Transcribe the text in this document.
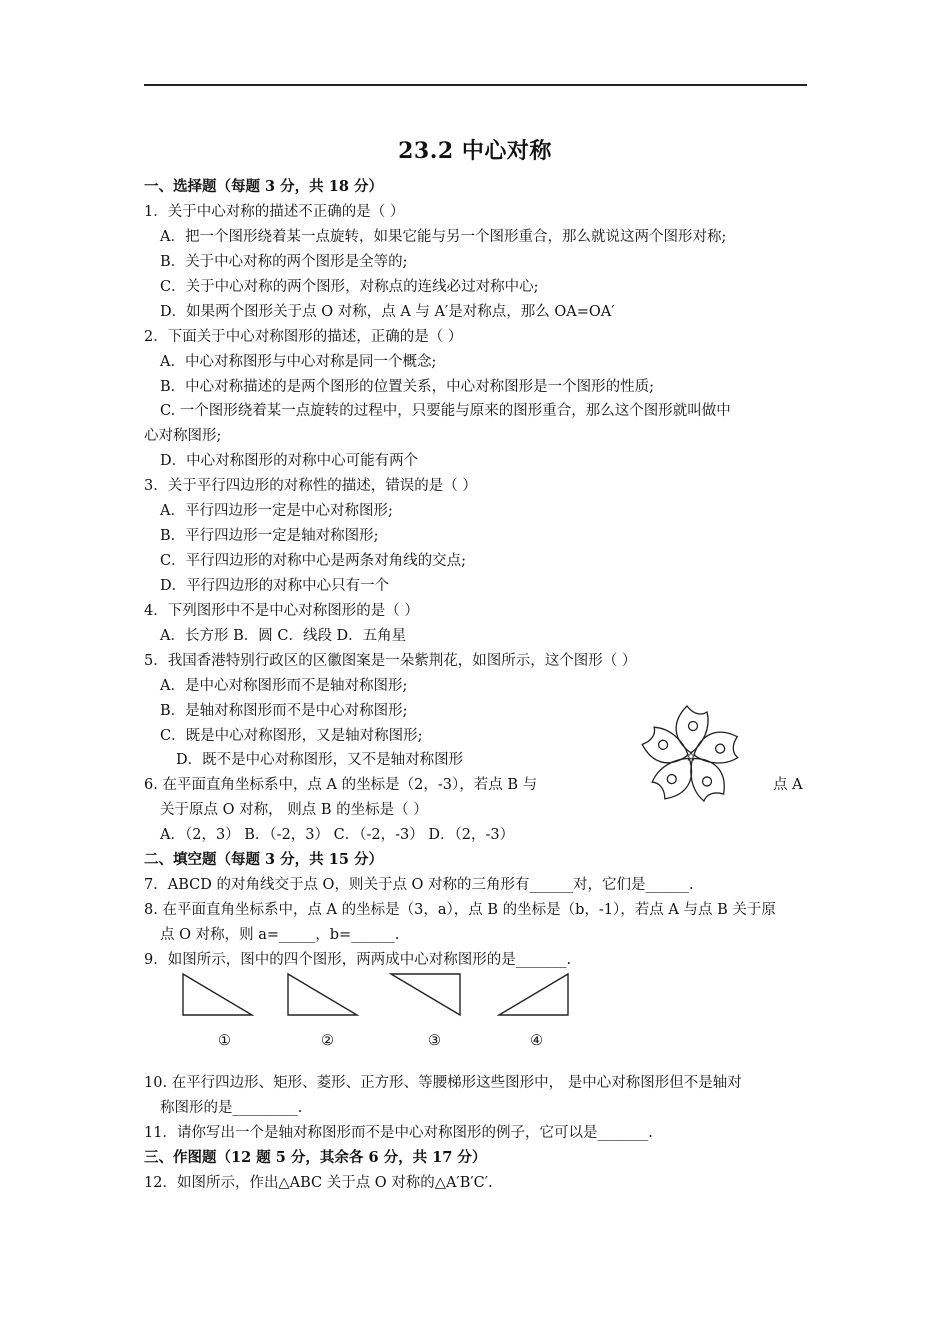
23.2 中心对称
一、选择题（每题 3 分，共 18 分）
1．关于中心对称的描述不正确的是（ ）
A．把一个图形绕着某一点旋转，如果它能与另一个图形重合，那么就说这两个图形对称;
B．关于中心对称的两个图形是全等的;
C．关于中心对称的两个图形，对称点的连线必过对称中心;
D．如果两个图形关于点 O 对称，点 A 与 A′是对称点，那么 OA=OA′
2．下面关于中心对称图形的描述，正确的是（ ）
A．中心对称图形与中心对称是同一个概念;
B．中心对称描述的是两个图形的位置关系，中心对称图形是一个图形的性质;
C. 一个图形绕着某一点旋转的过程中，只要能与原来的图形重合，那么这个图形就叫做中
心对称图形;
D．中心对称图形的对称中心可能有两个
3．关于平行四边形的对称性的描述，错误的是（ ）
A．平行四边形一定是中心对称图形;
B．平行四边形一定是轴对称图形;
C．平行四边形的对称中心是两条对角线的交点;
D．平行四边形的对称中心只有一个
4．下列图形中不是中心对称图形的是（ ）
A．长方形 B．圆 C．线段 D．五角星
5．我国香港特别行政区的区徽图案是一朵紫荆花，如图所示，这个图形（ ）
A．是中心对称图形而不是轴对称图形;
B．是轴对称图形而不是中心对称图形;
C．既是中心对称图形，又是轴对称图形;
D．既不是中心对称图形，又不是轴对称图形
6. 在平面直角坐标系中，点 A 的坐标是（2，-3），若点 B 与	点 A
关于原点 O 对称， 则点 B 的坐标是（ ）
A．（2，3） B．（-2，3） C．（-2，-3） D．（2，-3）
二、填空题（每题 3 分，共 15 分）
7．ABCD 的对角线交于点 O，则关于点 O 对称的三角形有______对，它们是______.
8. 在平面直角坐标系中，点 A 的坐标是（3，a），点 B 的坐标是（b，-1），若点 A 与点 B 关于原
点 O 对称，则 a=_____，b=______.
9．如图所示，图中的四个图形，两两成中心对称图形的是_______.
①	②	③	④
10. 在平行四边形、矩形、菱形、正方形、等腰梯形这些图形中， 是中心对称图形但不是轴对
称图形的是_________.
11．请你写出一个是轴对称图形而不是中心对称图形的例子，它可以是_______.
三、作图题（12 题 5 分，其余各 6 分，共 17 分）
12．如图所示，作出△ABC 关于点 O 对称的△A′B′C′.
